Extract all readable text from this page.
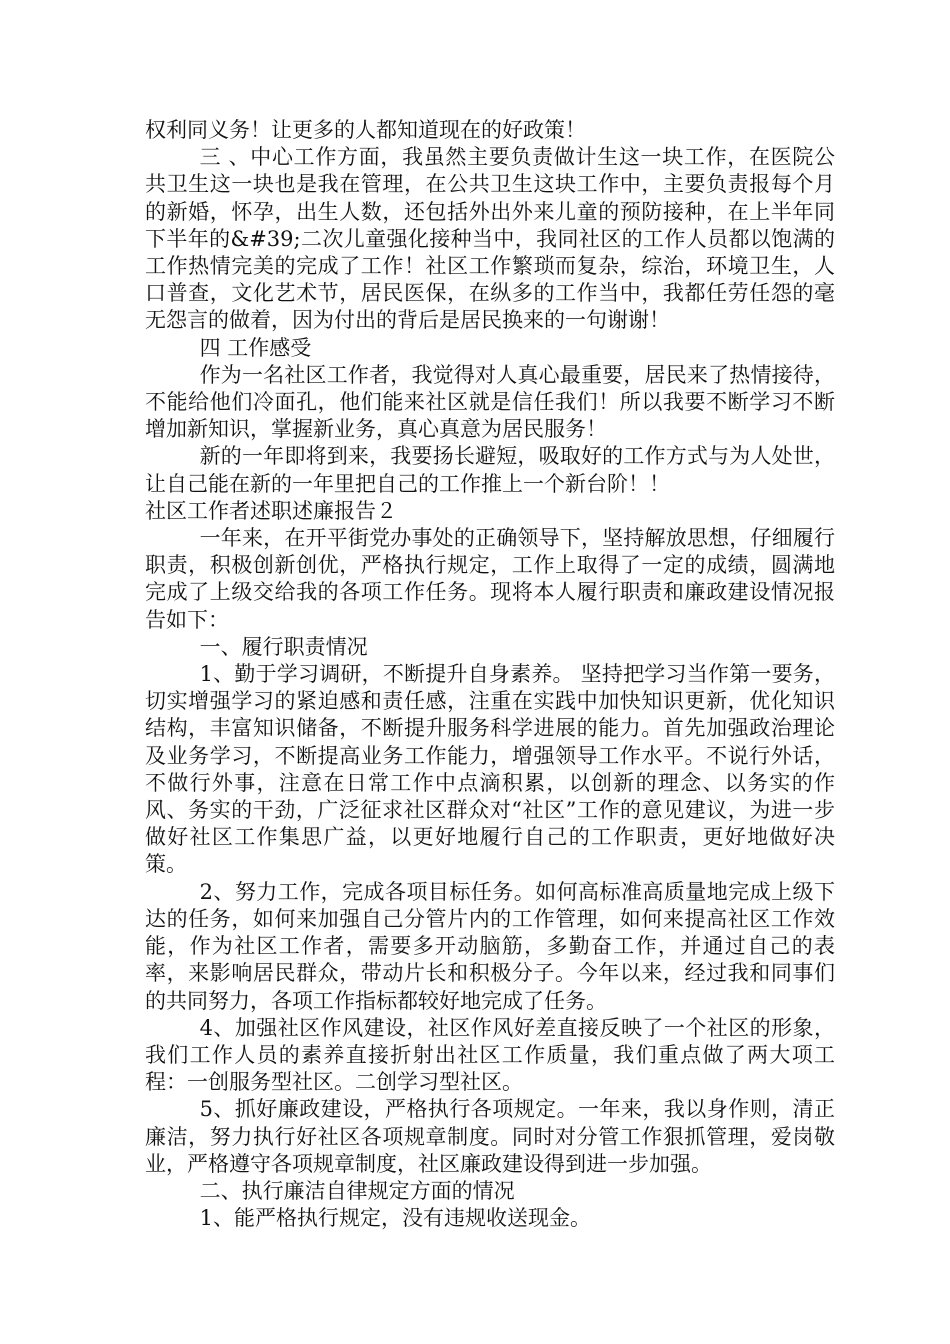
权利同义务！让更多的人都知道现在的好政策！

三 、中心工作方面，我虽然主要负责做计生这一块工作，在医院公共卫生这一块也是我在管理，在公共卫生这块工作中，主要负责报每个月的新婚，怀孕，出生人数，还包括外出外来儿童的预防接种，在上半年同下半年的&#39;二次儿童强化接种当中，我同社区的工作人员都以饱满的工作热情完美的完成了工作！社区工作繁琐而复杂，综治，环境卫生，人口普查，文化艺术节，居民医保，在纵多的工作当中，我都任劳任怨的毫无怨言的做着，因为付出的背后是居民换来的一句谢谢！

四 工作感受

作为一名社区工作者，我觉得对人真心最重要，居民来了热情接待，不能给他们冷面孔，他们能来社区就是信任我们！所以我要不断学习不断增加新知识，掌握新业务，真心真意为居民服务！

新的一年即将到来，我要扬长避短，吸取好的工作方式与为人处世，让自己能在新的一年里把自己的工作推上一个新台阶！！

社区工作者述职述廉报告２

一年来，在开平街党办事处的正确领导下，坚持解放思想，仔细履行职责，积极创新创优，严格执行规定，工作上取得了一定的成绩，圆满地完成了上级交给我的各项工作任务。现将本人履行职责和廉政建设情况报告如下：

一、履行职责情况

1、勤于学习调研，不断提升自身素养。 坚持把学习当作第一要务，切实增强学习的紧迫感和责任感，注重在实践中加快知识更新，优化知识结构，丰富知识储备，不断提升服务科学进展的能力。首先加强政治理论及业务学习，不断提高业务工作能力，增强领导工作水平。不说行外话，不做行外事，注意在日常工作中点滴积累，以创新的理念、以务实的作风、务实的干劲，广泛征求社区群众对“社区”工作的意见建议，为进一步做好社区工作集思广益，以更好地履行自己的工作职责，更好地做好决策。

2、努力工作，完成各项目标任务。如何高标准高质量地完成上级下达的任务，如何来加强自己分管片内的工作管理，如何来提高社区工作效能，作为社区工作者，需要多开动脑筋，多勤奋工作，并通过自己的表率，来影响居民群众，带动片长和积极分子。今年以来，经过我和同事们的共同努力，各项工作指标都较好地完成了任务。

4、加强社区作风建设，社区作风好差直接反映了一个社区的形象，我们工作人员的素养直接折射出社区工作质量，我们重点做了两大项工程：一创服务型社区。二创学习型社区。

5、抓好廉政建设，严格执行各项规定。一年来，我以身作则，清正廉洁，努力执行好社区各项规章制度。同时对分管工作狠抓管理，爱岗敬业，严格遵守各项规章制度，社区廉政建设得到进一步加强。

二、执行廉洁自律规定方面的情况

1、能严格执行规定，没有违规收送现金。
